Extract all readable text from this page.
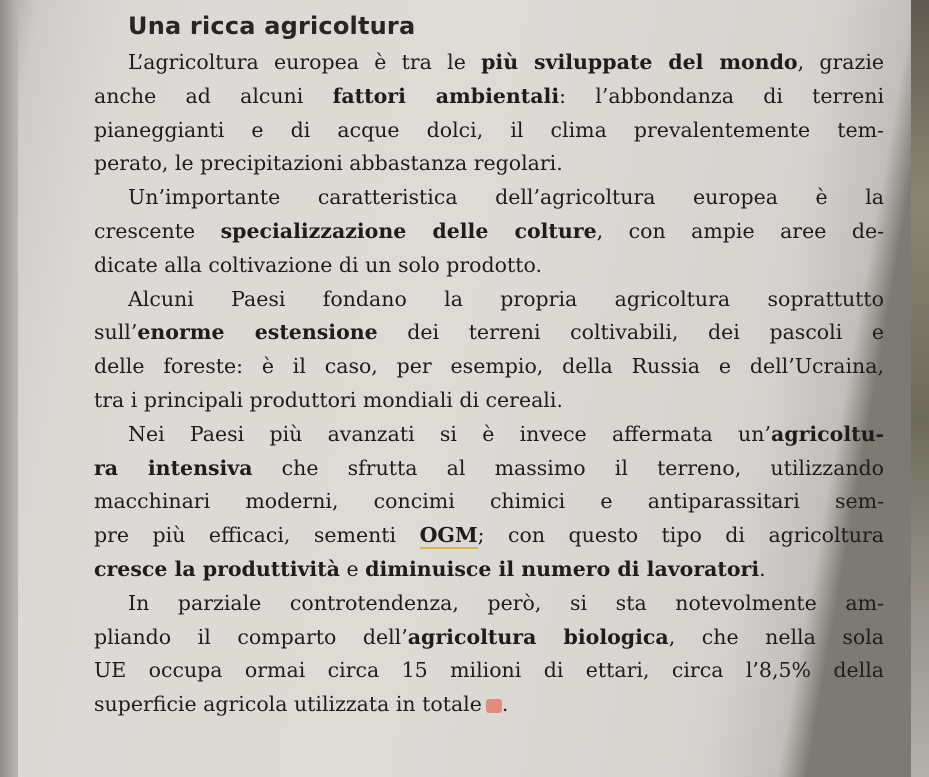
Una ricca agricoltura
L’agricoltura europea è tra le più sviluppate del mondo, grazie
anche ad alcuni fattori ambientali: l’abbondanza di terreni
pianeggianti e di acque dolci, il clima prevalentemente tem-
perato, le precipitazioni abbastanza regolari.
Un’importante caratteristica dell’agricoltura europea è la
crescente specializzazione delle colture, con ampie aree de-
dicate alla coltivazione di un solo prodotto.
Alcuni Paesi fondano la propria agricoltura soprattutto
sull’enorme estensione dei terreni coltivabili, dei pascoli e
delle foreste: è il caso, per esempio, della Russia e dell’Ucraina,
tra i principali produttori mondiali di cereali.
Nei Paesi più avanzati si è invece affermata un’agricoltu-
ra intensiva che sfrutta al massimo il terreno, utilizzando
macchinari moderni, concimi chimici e antiparassitari sem-
pre più efficaci, sementi OGM; con questo tipo di agricoltura
cresce la produttività e diminuisce il numero di lavoratori.
In parziale controtendenza, però, si sta notevolmente am-
pliando il comparto dell’agricoltura biologica, che nella sola
UE occupa ormai circa 15 milioni di ettari, circa l’8,5% della
superficie agricola utilizzata in totale .
